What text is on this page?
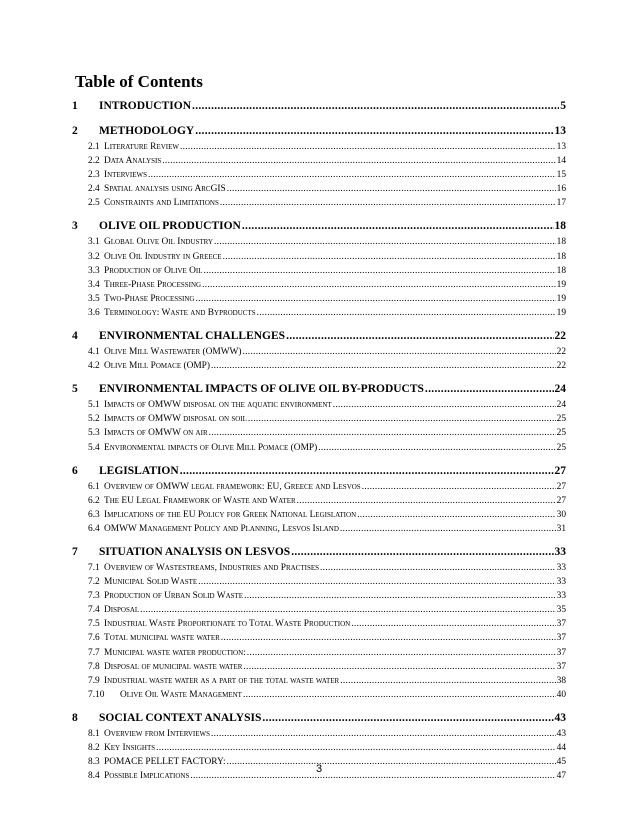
Table of Contents
1	INTRODUCTION .....	5
2	METHODOLOGY .....	13
2.1 Literature Review .....	13
2.2 Data Analysis .....	14
2.3 Interviews .....	15
2.4 Spatial analysis using ArcGIS .....	16
2.5 Constraints and Limitations .....	17
3	OLIVE OIL PRODUCTION .....	18
3.1 Global Olive Oil Industry .....	18
3.2 Olive Oil Industry in Greece .....	18
3.3 Production of Olive Oil .....	18
3.4 Three-Phase Processing .....	19
3.5 Two-Phase Processing .....	19
3.6 Terminology: Waste and Byproducts .....	19
4	ENVIRONMENTAL CHALLENGES .....	22
4.1 Olive Mill Wastewater (OMWW) .....	22
4.2 Olive Mill Pomace (OMP) .....	22
5	ENVIRONMENTAL IMPACTS OF OLIVE OIL BY-PRODUCTS .....	24
5.1 Impacts of OMWW disposal on the aquatic environment .....	24
5.2 Impacts of OMWW disposal on soil .....	25
5.3 Impacts of OMWW on air .....	25
5.4 Environmental impacts of Olive Mill Pomace (OMP) .....	25
6	LEGISLATION .....	27
6.1 Overview of OMWW legal framework: EU, Greece and Lesvos .....	27
6.2 The EU Legal Framework of Waste and Water .....	27
6.3 Implications of the EU Policy for Greek National Legislation .....	30
6.4 OMWW Management Policy and Planning, Lesvos Island .....	31
7	SITUATION ANALYSIS ON LESVOS .....	33
7.1 Overview of Wastestreams, Industries and Practises .....	33
7.2 Municipal Solid Waste .....	33
7.3 Production of Urban Solid Waste .....	33
7.4 Disposal .....	35
7.5 Industrial Waste Proportionate to Total Waste Production .....	37
7.6 Total municipal waste water .....	37
7.7 Municipal waste water production: .....	37
7.8 Disposal of municipal waste water .....	37
7.9 Industrial waste water as a part of the total waste water .....	38
7.10	Olive Oil Waste Management .....	40
8	SOCIAL CONTEXT ANALYSIS .....	43
8.1 Overview from Interviews .....	43
8.2 Key Insights .....	44
8.3 POMACE PELLET FACTORY: .....	45
8.4 Possible Implications .....	47
3
